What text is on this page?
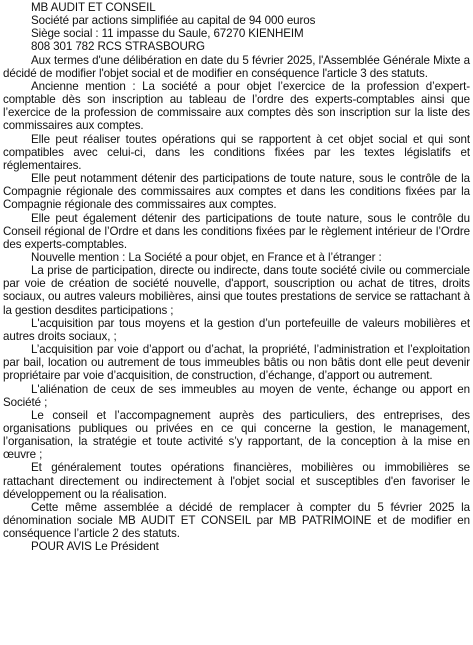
MB AUDIT ET CONSEIL
Société par actions simplifiée au capital de 94 000 euros
Siège social : 11 impasse du Saule, 67270 KIENHEIM
808 301 782 RCS STRASBOURG

Aux termes d'une délibération en date du 5 février 2025, l'Assemblée Générale Mixte a décidé de modifier l'objet social et de modifier en conséquence l'article 3 des statuts.

Ancienne mention : La société a pour objet l’exercice de la profession d’expert-comptable dès son inscription au tableau de l’ordre des experts-comptables ainsi que l’exercice de la profession de commissaire aux comptes dès son inscription sur la liste des commissaires aux comptes.

Elle peut réaliser toutes opérations qui se rapportent à cet objet social et qui sont compatibles avec celui-ci, dans les conditions fixées par les textes législatifs et réglementaires.

Elle peut notamment détenir des participations de toute nature, sous le contrôle de la Compagnie régionale des commissaires aux comptes et dans les conditions fixées par la Compagnie régionale des commissaires aux comptes.

Elle peut également détenir des participations de toute nature, sous le contrôle du Conseil régional de l’Ordre et dans les conditions fixées par le règlement intérieur de l’Ordre des experts-comptables.

Nouvelle mention : La Société a pour objet, en France et à l’étranger :

La prise de participation, directe ou indirecte, dans toute société civile ou commerciale par voie de création de société nouvelle, d'apport, souscription ou achat de titres, droits sociaux, ou autres valeurs mobilières, ainsi que toutes prestations de service se rattachant à la gestion desdites participations ;

L'acquisition par tous moyens et la gestion d’un portefeuille de valeurs mobilières et autres droits sociaux, ;

L’acquisition par voie d’apport ou d’achat, la propriété, l’administration et l’exploitation par bail, location ou autrement de tous immeubles bâtis ou non bâtis dont elle peut devenir propriétaire par voie d’acquisition, de construction, d’échange, d’apport ou autrement.

L'aliénation de ceux de ses immeubles au moyen de vente, échange ou apport en Société ;

Le conseil et l’accompagnement auprès des particuliers, des entreprises, des organisations publiques ou privées en ce qui concerne la gestion, le management, l’organisation, la stratégie et toute activité s’y rapportant, de la conception à la mise en œuvre ;

Et généralement toutes opérations financières, mobilières ou immobilières se rattachant directement ou indirectement à l'objet social et susceptibles d'en favoriser le développement ou la réalisation.

Cette même assemblée a décidé de remplacer à compter du 5 février 2025 la dénomination sociale MB AUDIT ET CONSEIL par MB PATRIMOINE et de modifier en conséquence l’article 2 des statuts.

POUR AVIS Le Président
